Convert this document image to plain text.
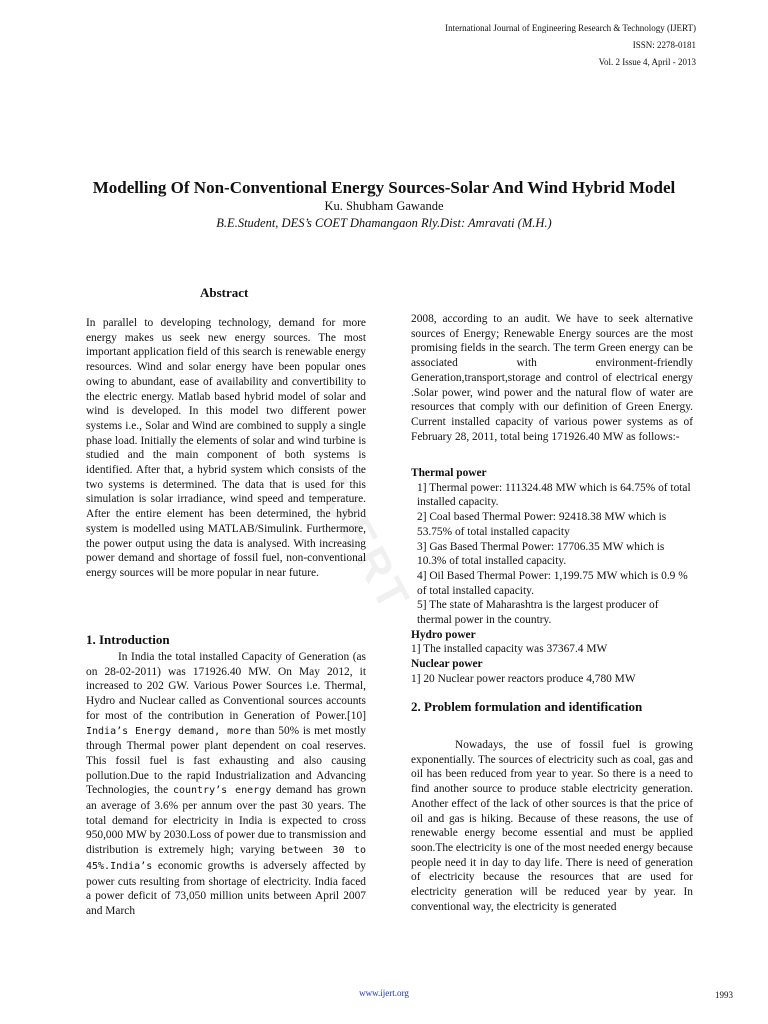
International Journal of Engineering Research & Technology (IJERT)
ISSN: 2278-0181
Vol. 2 Issue 4, April - 2013
Modelling Of Non-Conventional Energy Sources-Solar And Wind Hybrid Model
Ku. Shubham Gawande
B.E.Student, DES’s COET Dhamangaon Rly.Dist: Amravati (M.H.)
IJERT
Abstract

In parallel to developing technology, demand for more energy makes us seek new energy sources. The most important application field of this search is renewable energy resources. Wind and solar energy have been popular ones owing to abundant, ease of availability and convertibility to the electric energy. Matlab based hybrid model of solar and wind is developed. In this model two different power systems i.e., Solar and Wind are combined to supply a single phase load. Initially the elements of solar and wind turbine is studied and the main component of both systems is identified. After that, a hybrid system which consists of the two systems is determined. The data that is used for this simulation is solar irradiance, wind speed and temperature. After the entire element has been determined, the hybrid system is modelled using MATLAB/Simulink. Furthermore, the power output using the data is analysed. With increasing power demand and shortage of fossil fuel, non-conventional energy sources will be more popular in near future.

1. Introduction
In India the total installed Capacity of Generation (as on 28-02-2011) was 171926.40 MW. On May 2012, it increased to 202 GW. Various Power Sources i.e. Thermal, Hydro and Nuclear called as Conventional sources accounts for most of the contribution in Generation of Power.[10] India’s Energy demand, more than 50% is met mostly through Thermal power plant dependent on coal reserves. This fossil fuel is fast exhausting and also causing pollution.Due to the rapid Industrialization and Advancing Technologies, the country’s energy demand has grown an average of 3.6% per annum over the past 30 years. The total demand for electricity in India is expected to cross 950,000 MW by 2030.Loss of power due to transmission and distribution is extremely high; varying between 30 to 45%.India’s economic growths is adversely affected by power cuts resulting from shortage of electricity. India faced a power deficit of 73,050 million units between April 2007 and March

2008, according to an audit. We have to seek alternative sources of Energy; Renewable Energy sources are the most promising fields in the search. The term Green energy can be associated with environment-friendly Generation,transport,storage and control of electrical energy .Solar power, wind power and the natural flow of water are resources that comply with our definition of Green Energy. Current installed capacity of various power systems as of February 28, 2011, total being 171926.40 MW as follows:-

Thermal power
1] Thermal power: 111324.48 MW which is 64.75% of total installed capacity.
2] Coal based Thermal Power: 92418.38 MW which is 53.75% of total installed capacity
3] Gas Based Thermal Power: 17706.35 MW which is 10.3% of total installed capacity.
4] Oil Based Thermal Power: 1,199.75 MW which is 0.9 % of total installed capacity.
5] The state of Maharashtra is the largest producer of thermal power in the country.
Hydro power
1] The installed capacity was 37367.4 MW
Nuclear power
1] 20 Nuclear power reactors produce 4,780 MW
2. Problem formulation and identification

Nowadays, the use of fossil fuel is growing exponentially. The sources of electricity such as coal, gas and oil has been reduced from year to year. So there is a need to find another source to produce stable electricity generation. Another effect of the lack of other sources is that the price of oil and gas is hiking. Because of these reasons, the use of renewable energy become essential and must be applied soon.The electricity is one of the most needed energy because people need it in day to day life. There is need of generation of electricity because the resources that are used for electricity generation will be reduced year by year. In conventional way, the electricity is generated

www.ijert.org	1993
